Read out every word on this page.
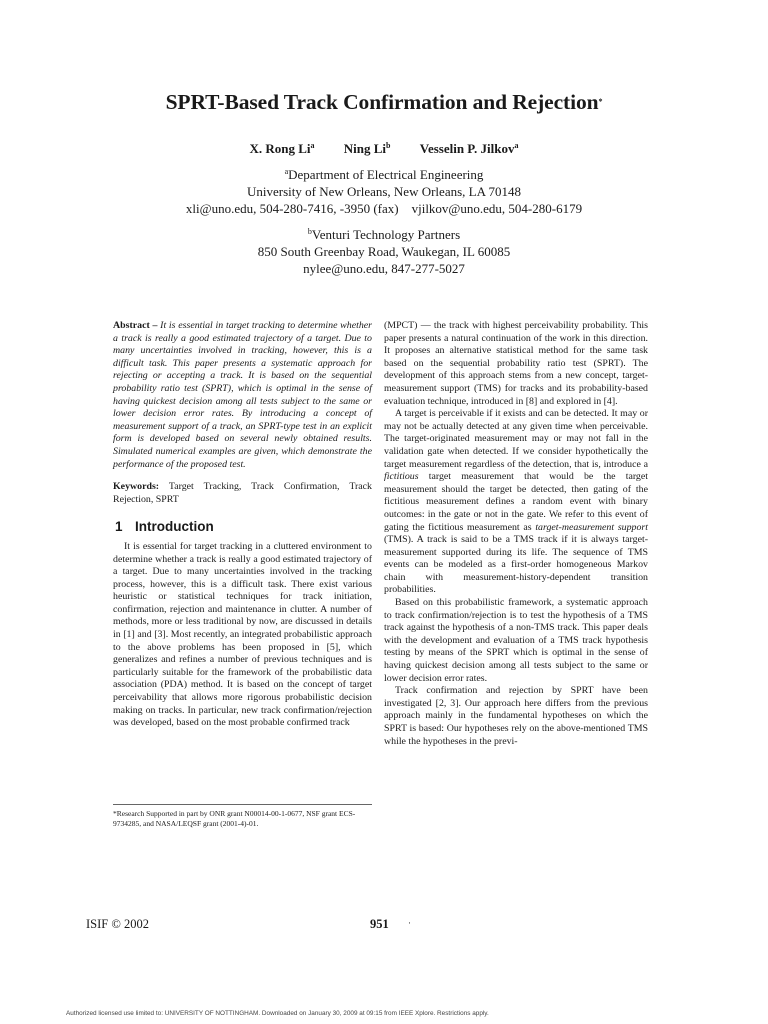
SPRT-Based Track Confirmation and Rejection*
X. Rong Li$^a$ Ning Li$^b$ Vesselin P. Jilkov$^a$
$^a$Department of Electrical Engineering
University of New Orleans, New Orleans, LA 70148
xli@uno.edu, 504-280-7416, -3950 (fax)    vjilkov@uno.edu, 504-280-6179
$^b$Venturi Technology Partners
850 South Greenbay Road, Waukegan, IL 60085
nylee@uno.edu, 847-277-5027

Abstract – It is essential in target tracking to determine whether a track is really a good estimated trajectory of a target. Due to many uncertainties involved in tracking, however, this is a difficult task. This paper presents a systematic approach for rejecting or accepting a track. It is based on the sequential probability ratio test (SPRT), which is optimal in the sense of having quickest decision among all tests subject to the same or lower decision error rates. By introducing a concept of measurement support of a track, an SPRT-type test in an explicit form is developed based on several newly obtained results. Simulated numerical examples are given, which demonstrate the performance of the proposed test.

Keywords: Target Tracking, Track Confirmation, Track Rejection, SPRT

1 Introduction

It is essential for target tracking in a cluttered environment to determine whether a track is really a good estimated trajectory of a target. Due to many uncertainties involved in the tracking process, however, this is a difficult task. There exist various heuristic or statistical techniques for track initiation, confirmation, rejection and maintenance in clutter. A number of methods, more or less traditional by now, are discussed in details in [1] and [3]. Most recently, an integrated probabilistic approach to the above problems has been proposed in [5], which generalizes and refines a number of previous techniques and is particularly suitable for the framework of the probabilistic data association (PDA) method. It is based on the concept of target perceivability that allows more rigorous probabilistic decision making on tracks. In particular, new track confirmation/rejection was developed, based on the most probable confirmed track

*Research Supported in part by ONR grant N00014-00-1-0677, NSF grant ECS-9734285, and NASA/LEQSF grant (2001-4)-01.

(MPCT) — the track with highest perceivability probability. This paper presents a natural continuation of the work in this direction. It proposes an alternative statistical method for the same task based on the sequential probability ratio test (SPRT). The development of this approach stems from a new concept, target-measurement support (TMS) for tracks and its probability-based evaluation technique, introduced in [8] and explored in [4].

A target is perceivable if it exists and can be detected. It may or may not be actually detected at any given time when perceivable. The target-originated measurement may or may not fall in the validation gate when detected. If we consider hypothetically the target measurement regardless of the detection, that is, introduce a fictitious target measurement that would be the target measurement should the target be detected, then gating of the fictitious measurement defines a random event with binary outcomes: in the gate or not in the gate. We refer to this event of gating the fictitious measurement as target-measurement support (TMS). A track is said to be a TMS track if it is always target-measurement supported during its life. The sequence of TMS events can be modeled as a first-order homogeneous Markov chain with measurement-history-dependent transition probabilities.

Based on this probabilistic framework, a systematic approach to track confirmation/rejection is to test the hypothesis of a TMS track against the hypothesis of a non-TMS track. This paper deals with the development and evaluation of a TMS track hypothesis testing by means of the SPRT which is optimal in the sense of having quickest decision among all tests subject to the same or lower decision error rates.

Track confirmation and rejection by SPRT have been investigated [2, 3]. Our approach here differs from the previous approach mainly in the fundamental hypotheses on which the SPRT is based: Our hypotheses rely on the above-mentioned TMS while the hypotheses in the previ-

ISIF © 2002	951 ·
Authorized licensed use limited to: UNIVERSITY OF NOTTINGHAM. Downloaded on January 30, 2009 at 09:15 from IEEE Xplore. Restrictions apply.
